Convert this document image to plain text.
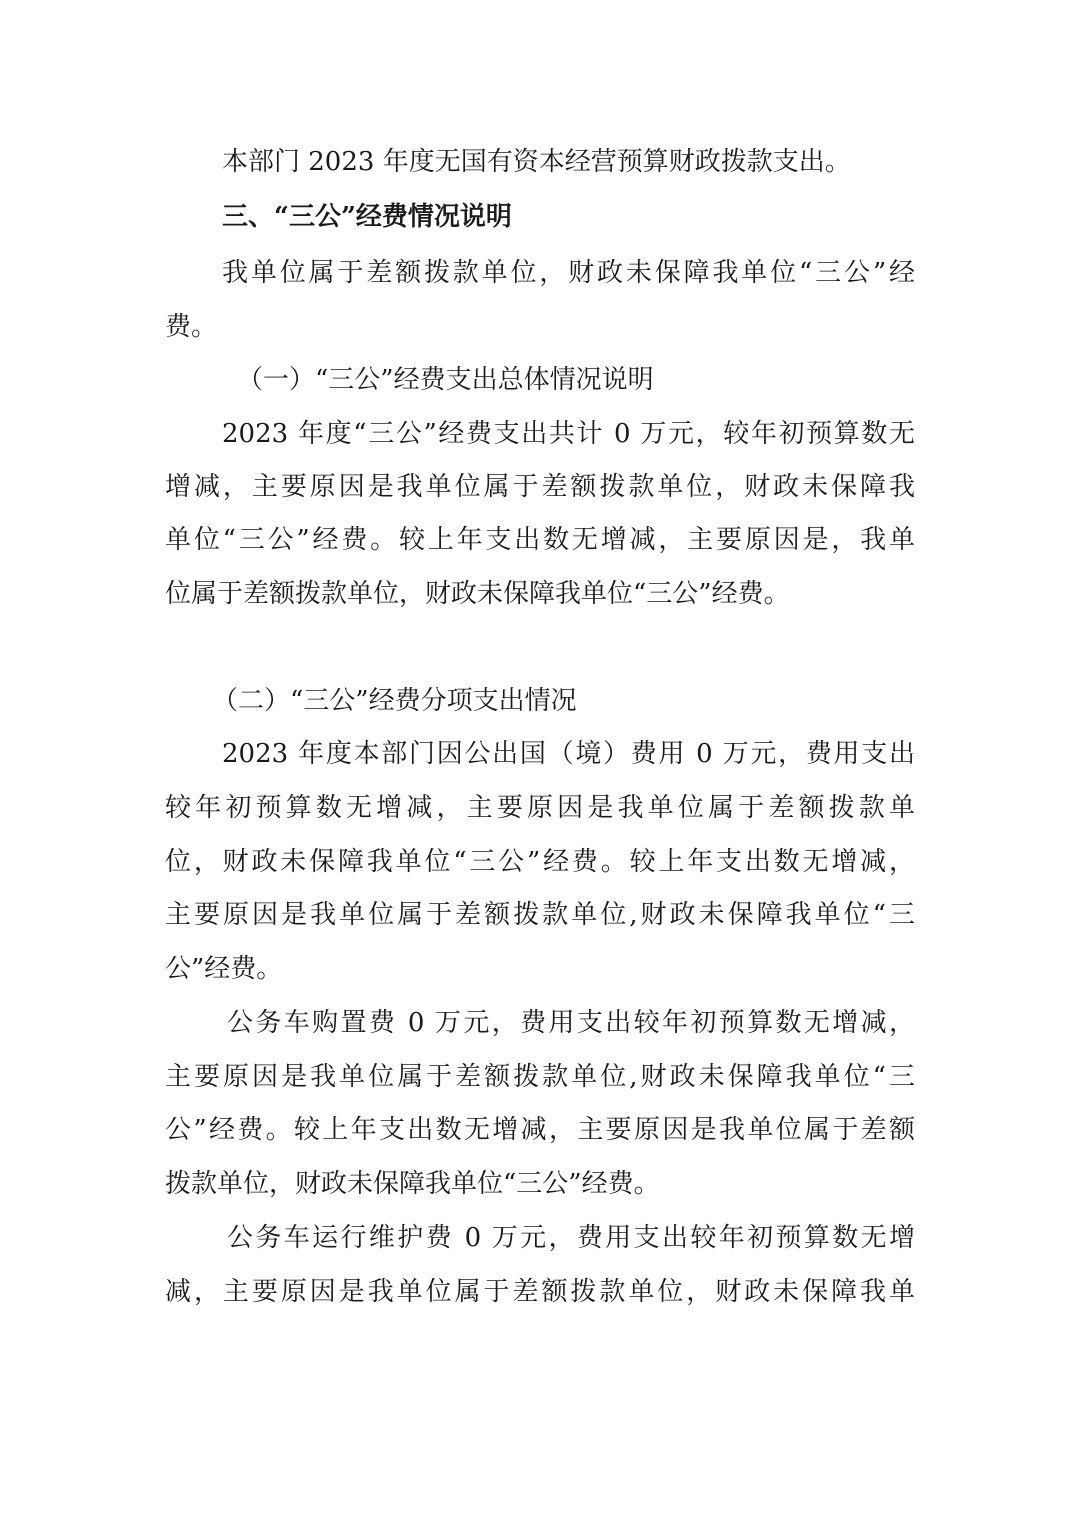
本部门 2023 年度无国有资本经营预算财政拨款支出。
三、“三公”经费情况说明
我单位属于差额拨款单位，财政未保障我单位“三公”经
费。
（一）“三公”经费支出总体情况说明
2023 年度“三公”经费支出共计 0 万元，较年初预算数无
增减，主要原因是我单位属于差额拨款单位，财政未保障我
单位“三公”经费。较上年支出数无增减，主要原因是，我单
位属于差额拨款单位，财政未保障我单位“三公”经费。
（二）“三公”经费分项支出情况
2023 年度本部门因公出国（境）费用 0 万元，费用支出
较年初预算数无增减，主要原因是我单位属于差额拨款单
位，财政未保障我单位“三公”经费。较上年支出数无增减，
主要原因是我单位属于差额拨款单位,财政未保障我单位“三
公”经费。
公务车购置费 0 万元，费用支出较年初预算数无增减，
主要原因是我单位属于差额拨款单位,财政未保障我单位“三
公”经费。较上年支出数无增减，主要原因是我单位属于差额
拨款单位，财政未保障我单位“三公”经费。
公务车运行维护费 0 万元，费用支出较年初预算数无增
减，主要原因是我单位属于差额拨款单位，财政未保障我单
